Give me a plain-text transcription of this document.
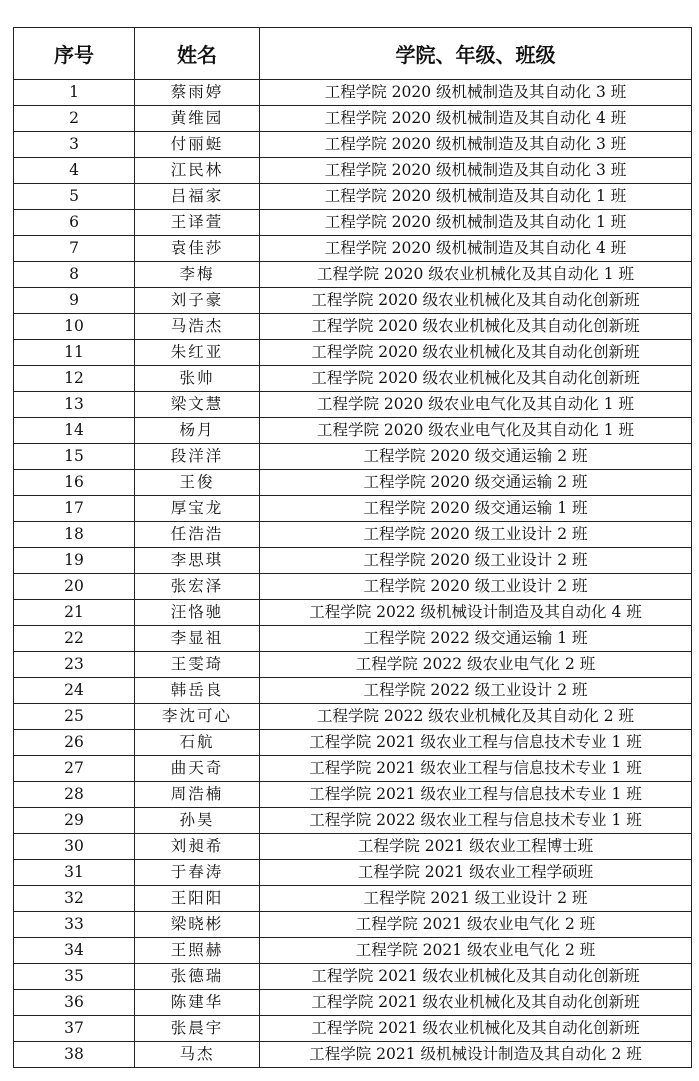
序号	姓名	学院、年级、班级
1	蔡雨婷	工程学院 2020 级机械制造及其自动化 3 班
2	黄维园	工程学院 2020 级机械制造及其自动化 4 班
3	付丽蜓	工程学院 2020 级机械制造及其自动化 3 班
4	江民林	工程学院 2020 级机械制造及其自动化 3 班
5	吕福家	工程学院 2020 级机械制造及其自动化 1 班
6	王译萱	工程学院 2020 级机械制造及其自动化 1 班
7	袁佳莎	工程学院 2020 级机械制造及其自动化 4 班
8	李梅	工程学院 2020 级农业机械化及其自动化 1 班
9	刘子豪	工程学院 2020 级农业机械化及其自动化创新班
10	马浩杰	工程学院 2020 级农业机械化及其自动化创新班
11	朱红亚	工程学院 2020 级农业机械化及其自动化创新班
12	张帅	工程学院 2020 级农业机械化及其自动化创新班
13	梁文慧	工程学院 2020 级农业电气化及其自动化 1 班
14	杨月	工程学院 2020 级农业电气化及其自动化 1 班
15	段洋洋	工程学院 2020 级交通运输 2 班
16	王俊	工程学院 2020 级交通运输 2 班
17	厚宝龙	工程学院 2020 级交通运输 1 班
18	任浩浩	工程学院 2020 级工业设计 2 班
19	李思琪	工程学院 2020 级工业设计 2 班
20	张宏泽	工程学院 2020 级工业设计 2 班
21	汪恪驰	工程学院 2022 级机械设计制造及其自动化 4 班
22	李显祖	工程学院 2022 级交通运输 1 班
23	王雯琦	工程学院 2022 级农业电气化 2 班
24	韩岳良	工程学院 2022 级工业设计 2 班
25	李沈可心	工程学院 2022 级农业机械化及其自动化 2 班
26	石航	工程学院 2021 级农业工程与信息技术专业 1 班
27	曲天奇	工程学院 2021 级农业工程与信息技术专业 1 班
28	周浩楠	工程学院 2021 级农业工程与信息技术专业 1 班
29	孙昊	工程学院 2022 级农业工程与信息技术专业 1 班
30	刘昶希	工程学院 2021 级农业工程博士班
31	于春涛	工程学院 2021 级农业工程学硕班
32	王阳阳	工程学院 2021 级工业设计 2 班
33	梁晓彬	工程学院 2021 级农业电气化 2 班
34	王照赫	工程学院 2021 级农业电气化 2 班
35	张德瑞	工程学院 2021 级农业机械化及其自动化创新班
36	陈建华	工程学院 2021 级农业机械化及其自动化创新班
37	张晨宇	工程学院 2021 级农业机械化及其自动化创新班
38	马杰	工程学院 2021 级机械设计制造及其自动化 2 班
